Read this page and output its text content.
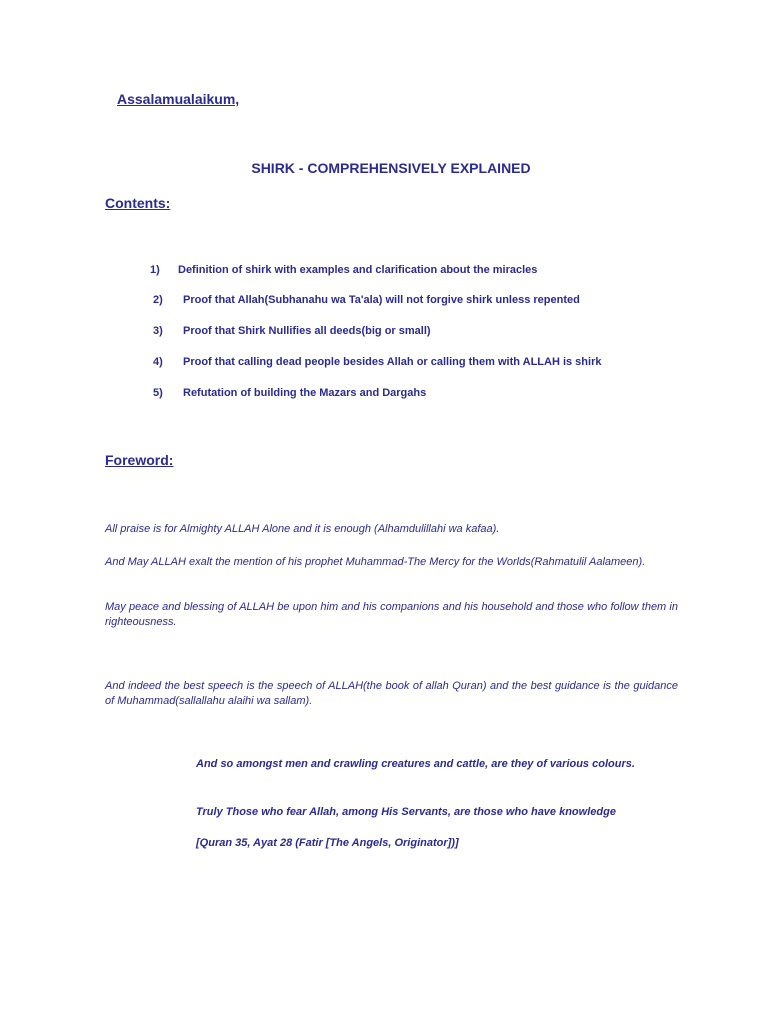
Assalamualaikum,
SHIRK - COMPREHENSIVELY EXPLAINED
Contents:
1) Definition of shirk with examples and clarification about the miracles
2) Proof that Allah(Subhanahu wa Ta'ala) will not forgive shirk unless repented
3) Proof that Shirk Nullifies all deeds(big or small)
4) Proof that calling dead people besides Allah or calling them with ALLAH is shirk
5) Refutation of building the Mazars and Dargahs
Foreword:
All praise is for Almighty ALLAH Alone and it is enough (Alhamdulillahi wa kafaa).
And May ALLAH exalt the mention of his prophet Muhammad-The Mercy for the Worlds(Rahmatulil Aalameen).
May peace and blessing of ALLAH be upon him and his companions and his household and those who follow them in righteousness.
And indeed the best speech is the speech of ALLAH(the book of allah Quran) and the best guidance is the guidance of Muhammad(sallallahu alaihi wa sallam).
And so amongst men and crawling creatures and cattle, are they of various colours.
Truly Those who fear Allah, among His Servants, are those who have knowledge
[Quran 35, Ayat 28 (Fatir [The Angels, Originator])]
